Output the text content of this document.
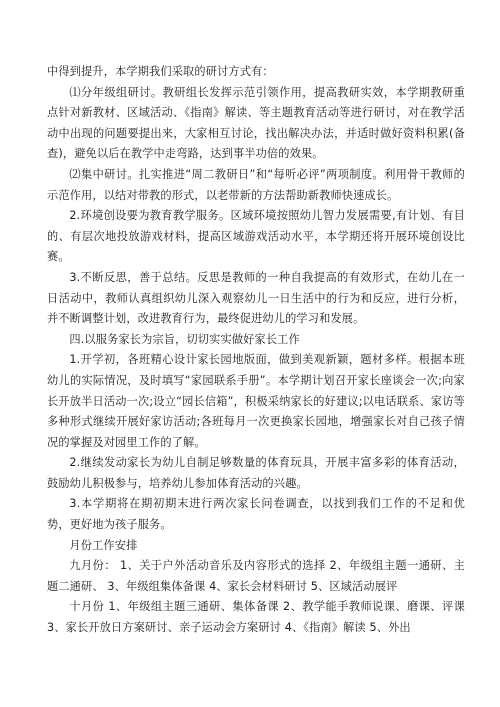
中得到提升，本学期我们采取的研讨方式有：

⑴分年级组研讨。教研组长发挥示范引领作用，提高教研实效，本学期教研重点针对新教材、区域活动、《指南》解读、等主题教育活动等进行研讨，对在教学活动中出现的问题要提出来，大家相互讨论，找出解决办法，并适时做好资料积累(备查)，避免以后在教学中走弯路，达到事半功倍的效果。

⑵集中研讨。扎实推进“周二教研日”和“每听必评”两项制度。利用骨干教师的示范作用，以结对带教的形式，以老带新的方法帮助新教师快速成长。

2.环境创设要为教育教学服务。区域环境按照幼儿智力发展需要,有计划、有目的、有层次地投放游戏材料，提高区域游戏活动水平，本学期还将开展环境创设比赛。

3.不断反思，善于总结。反思是教师的一种自我提高的有效形式，在幼儿在一日活动中，教师认真组织幼儿深入观察幼儿一日生活中的行为和反应，进行分析，并不断调整计划，改进教育行为，最终促进幼儿的学习和发展。

四.以服务家长为宗旨，切切实实做好家长工作

1.开学初，各班精心设计家长园地版面，做到美观新颖，题材多样。根据本班幼儿的实际情况，及时填写“家园联系手册”。本学期计划召开家长座谈会一次;向家长开放半日活动一次;设立“园长信箱”，积极采纳家长的好建议;以电话联系、家访等多种形式继续开展好家访活动;各班每月一次更换家长园地，增强家长对自己孩子情况的掌握及对园里工作的了解。

2.继续发动家长为幼儿自制足够数量的体育玩具，开展丰富多彩的体育活动，鼓励幼儿积极参与，培养幼儿参加体育活动的兴趣。

3.本学期将在期初期末进行两次家长问卷调查，以找到我们工作的不足和优势，更好地为孩子服务。

月份工作安排

九月份： 1、关于户外活动音乐及内容形式的选择 2、年级组主题一通研、主题二通研、 3、年级组集体备课 4、家长会材料研讨 5、区域活动展评

十月份 1、年级组主题三通研、集体备课 2、教学能手教师说课、磨课、评课 3、家长开放日方案研讨、亲子运动会方案研讨 4、《指南》解读 5、外出
